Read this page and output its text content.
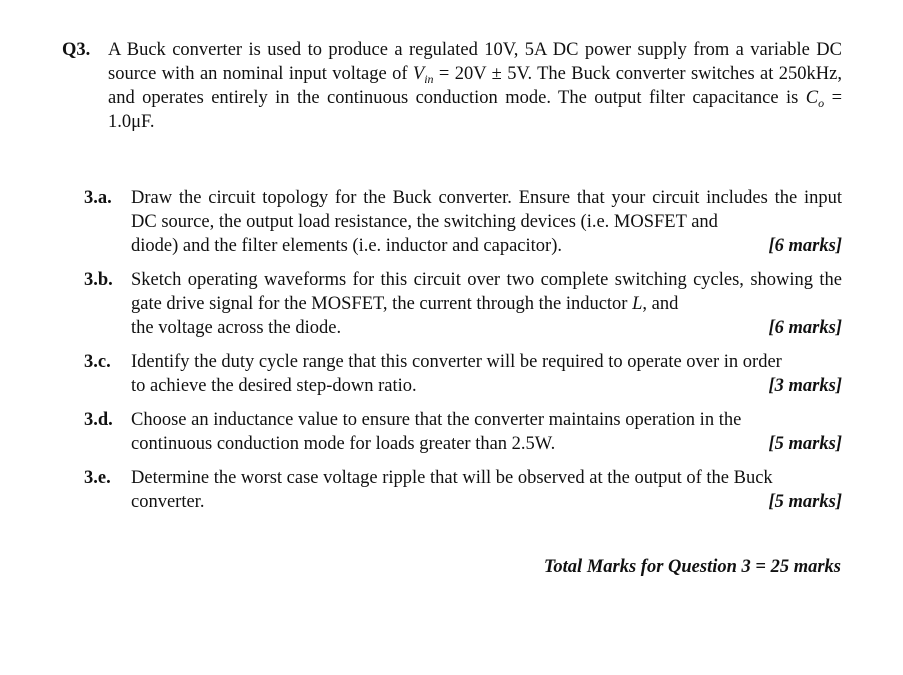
Q3. A Buck converter is used to produce a regulated 10V, 5A DC power supply from a variable DC source with an nominal input voltage of $V_{in} = 20V \pm 5V$. The Buck converter switches at 250kHz, and operates entirely in the continuous conduction mode. The output filter capacitance is $C_o = 1.0\mu F$.

3.a. Draw the circuit topology for the Buck converter. Ensure that your circuit includes the input DC source, the output load resistance, the switching devices (i.e. MOSFET and
diode) and the filter elements (i.e. inductor and capacitor).	[6 marks]
3.b. Sketch operating waveforms for this circuit over two complete switching cycles, showing the gate drive signal for the MOSFET, the current through the inductor L, and
the voltage across the diode.	[6 marks]
3.c. Identify the duty cycle range that this converter will be required to operate over in order
to achieve the desired step-down ratio.	[3 marks]
3.d. Choose an inductance value to ensure that the converter maintains operation in the
continuous conduction mode for loads greater than 2.5W.	[5 marks]
3.e. Determine the worst case voltage ripple that will be observed at the output of the Buck
converter.	[5 marks]
Total Marks for Question 3 = 25 marks
